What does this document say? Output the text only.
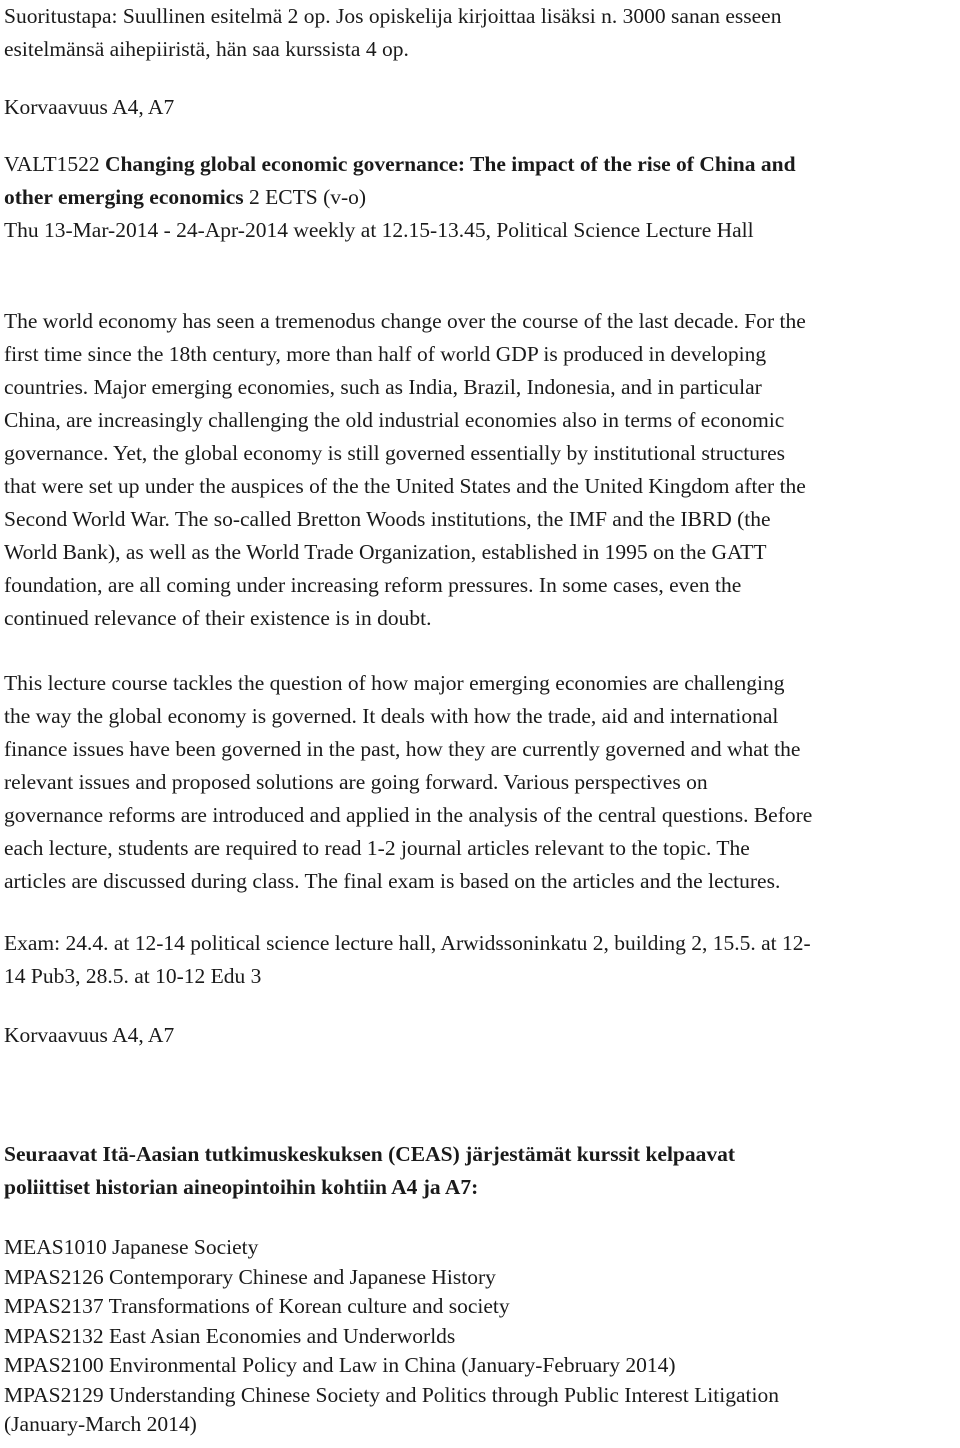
Suoritustapa: Suullinen esitelmä 2 op. Jos opiskelija kirjoittaa lisäksi n. 3000 sanan esseen
esitelmänsä aihepiiristä, hän saa kurssista 4 op.
Korvaavuus A4, A7
VALT1522 Changing global economic governance: The impact of the rise of China and
other emerging economics 2 ECTS (v-o)
Thu 13-Mar-2014 - 24-Apr-2014 weekly at 12.15-13.45, Political Science Lecture Hall
The world economy has seen a tremenodus change over the course of the last decade. For the
first time since the 18th century, more than half of world GDP is produced in developing
countries. Major emerging economies, such as India, Brazil, Indonesia, and in particular
China, are increasingly challenging the old industrial economies also in terms of economic
governance. Yet, the global economy is still governed essentially by institutional structures
that were set up under the auspices of the the United States and the United Kingdom after the
Second World War. The so-called Bretton Woods institutions, the IMF and the IBRD (the
World Bank), as well as the World Trade Organization, established in 1995 on the GATT
foundation, are all coming under increasing reform pressures. In some cases, even the
continued relevance of their existence is in doubt.
This lecture course tackles the question of how major emerging economies are challenging
the way the global economy is governed. It deals with how the trade, aid and international
finance issues have been governed in the past, how they are currently governed and what the
relevant issues and proposed solutions are going forward. Various perspectives on
governance reforms are introduced and applied in the analysis of the central questions. Before
each lecture, students are required to read 1-2 journal articles relevant to the topic. The
articles are discussed during class. The final exam is based on the articles and the lectures.
Exam: 24.4. at 12-14 political science lecture hall, Arwidssoninkatu 2, building 2, 15.5. at 12-
14 Pub3, 28.5. at 10-12 Edu 3
Korvaavuus A4, A7
Seuraavat Itä-Aasian tutkimuskeskuksen (CEAS) järjestämät kurssit kelpaavat
poliittiset historian aineopintoihin kohtiin A4 ja A7:
MEAS1010 Japanese Society
MPAS2126 Contemporary Chinese and Japanese History
MPAS2137 Transformations of Korean culture and society
MPAS2132 East Asian Economies and Underworlds
MPAS2100 Environmental Policy and Law in China (January-February 2014)
MPAS2129 Understanding Chinese Society and Politics through Public Interest Litigation
(January-March 2014)
